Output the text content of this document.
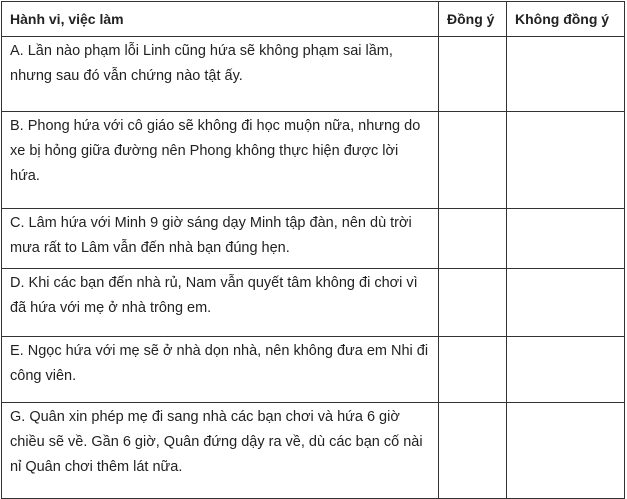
Hành vi, việc làm	Đồng ý	Không đồng ý
A. Lần nào phạm lỗi Linh cũng hứa sẽ không phạm sai lầm, nhưng sau đó vẫn chứng nào tật ấy.		
B. Phong hứa với cô giáo sẽ không đi học muộn nữa, nhưng do xe bị hỏng giữa đường nên Phong không thực hiện được lời hứa.		
C. Lâm hứa với Minh 9 giờ sáng dạy Minh tập đàn, nên dù trời mưa rất to Lâm vẫn đến nhà bạn đúng hẹn.		
D. Khi các bạn đến nhà rủ, Nam vẫn quyết tâm không đi chơi vì đã hứa với mẹ ở nhà trông em.		
E. Ngọc hứa với mẹ sẽ ở nhà dọn nhà, nên không đưa em Nhi đi công viên.		
G. Quân xin phép mẹ đi sang nhà các bạn chơi và hứa 6 giờ chiều sẽ về. Gần 6 giờ, Quân đứng dậy ra về, dù các bạn cố nài nỉ Quân chơi thêm lát nữa.		
